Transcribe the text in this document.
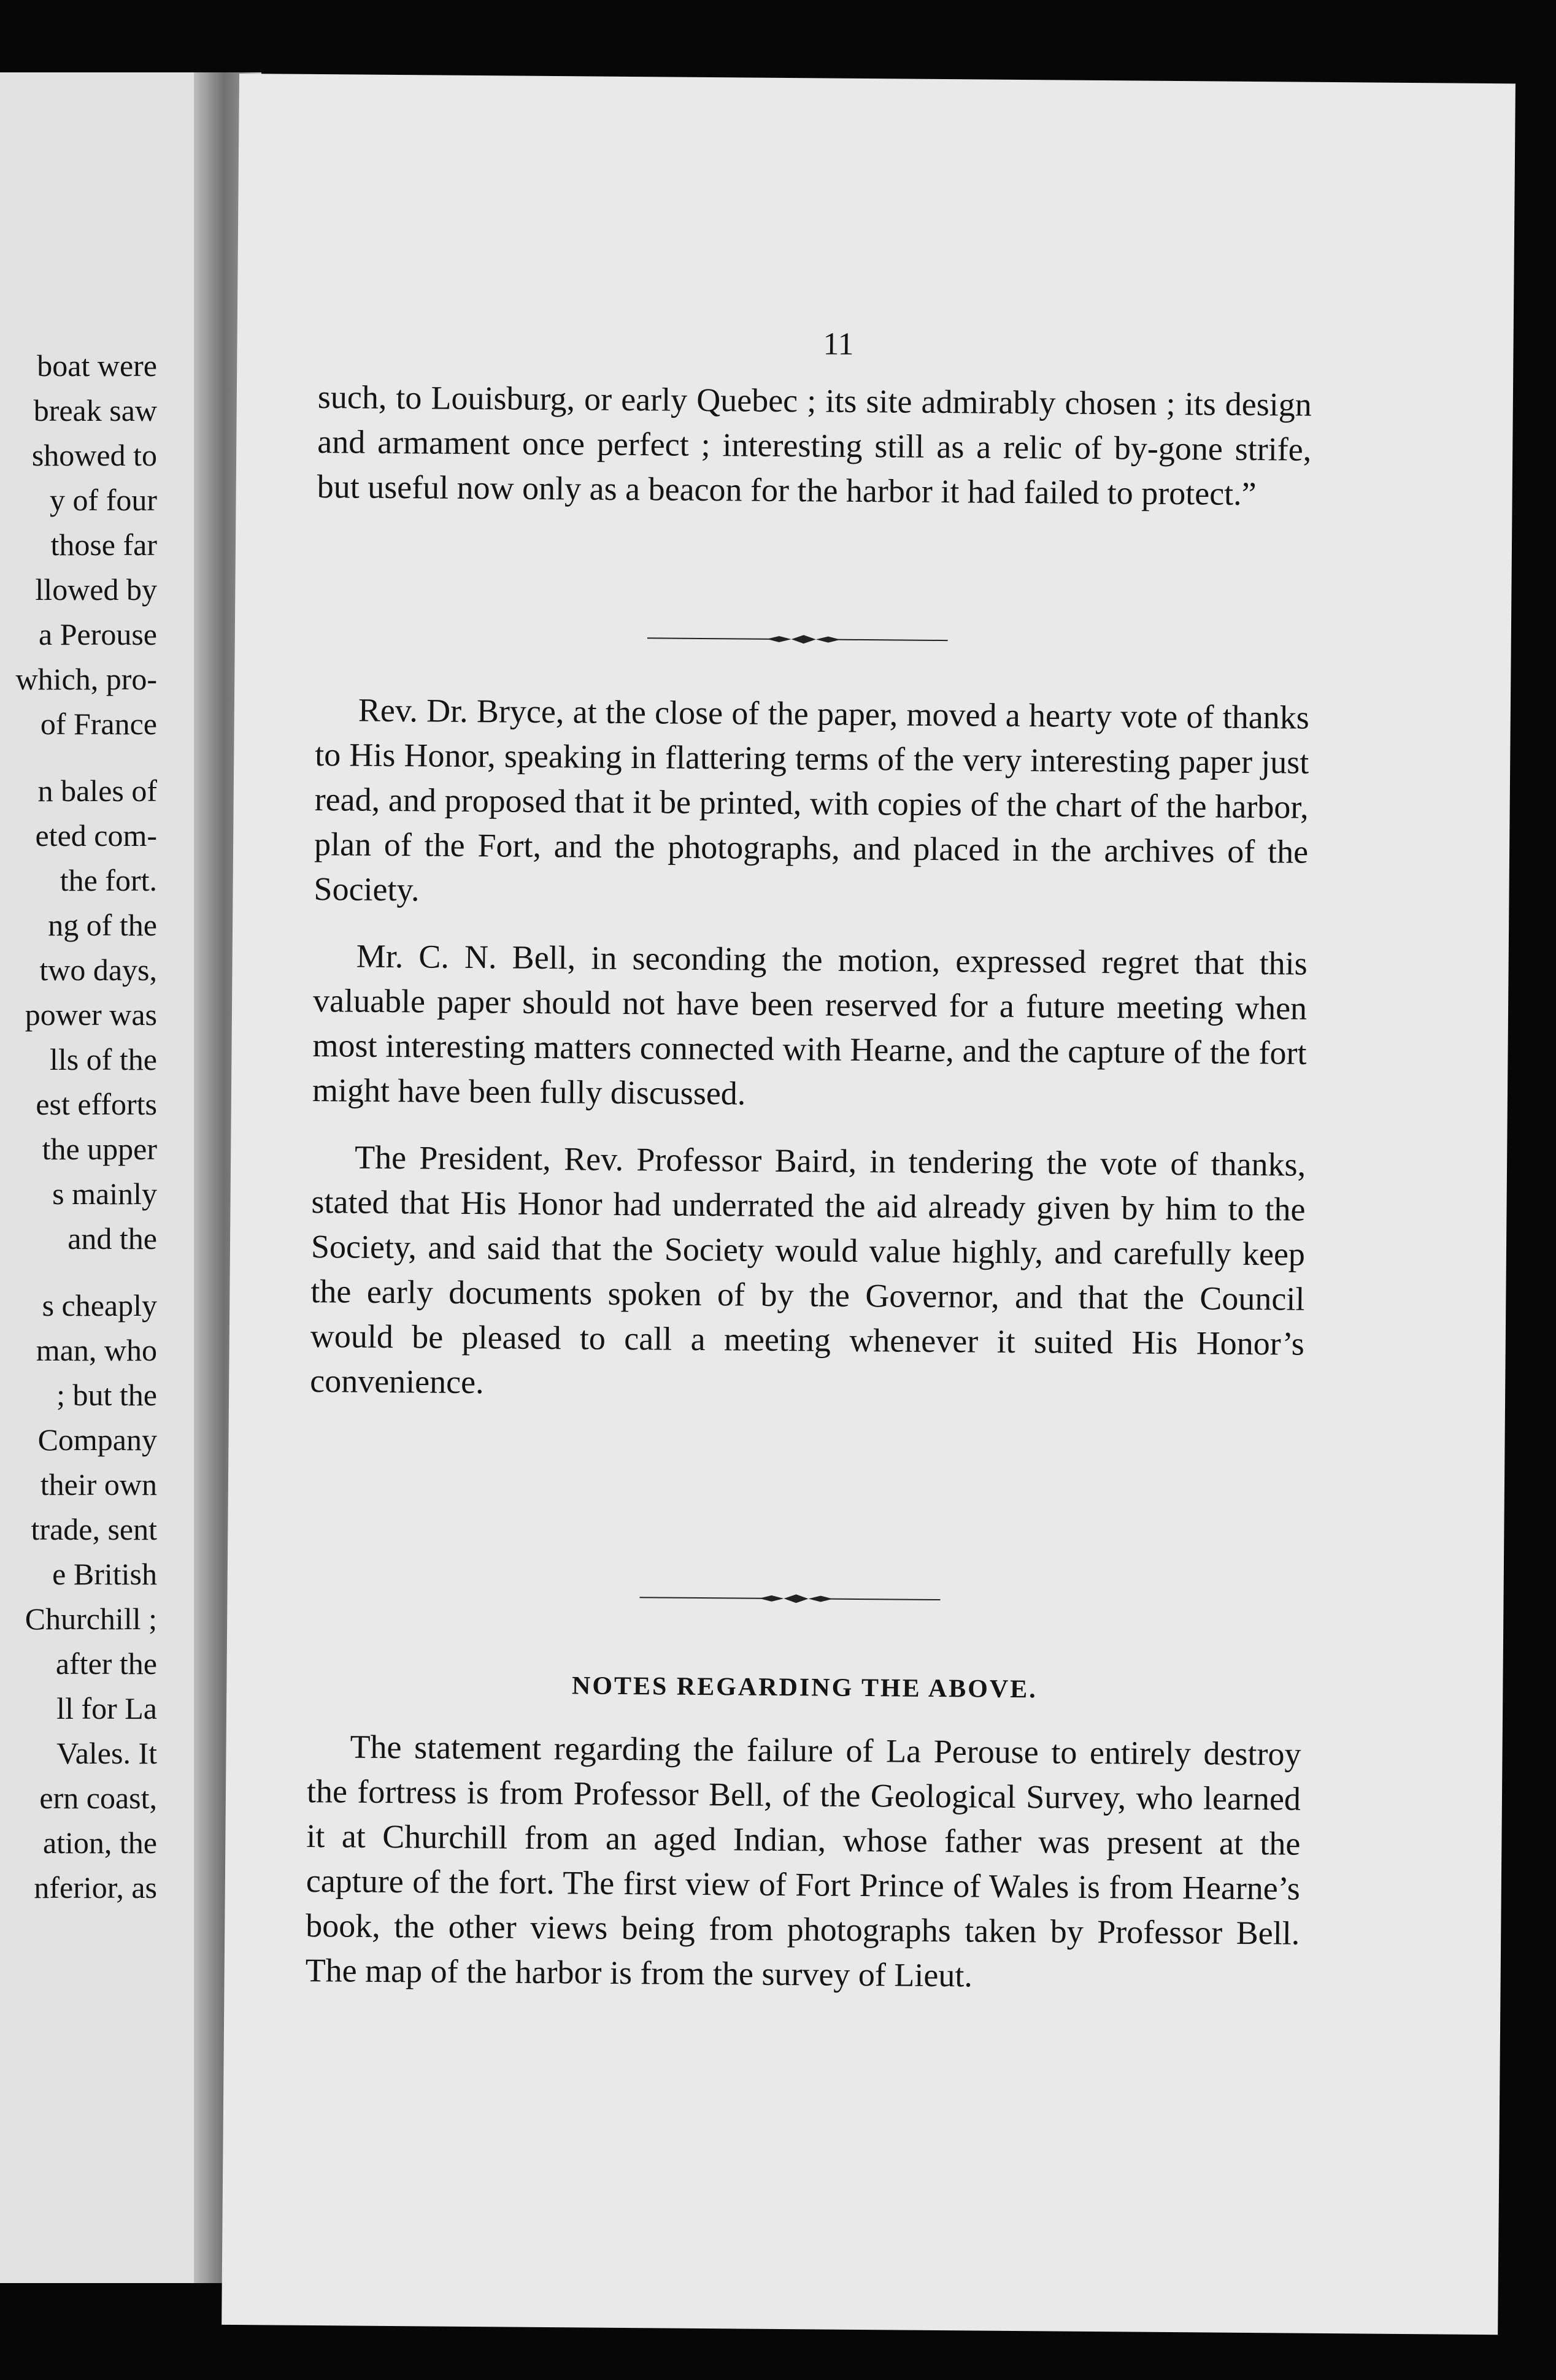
boat were
break saw
showed to
y of four
those far
llowed by
a Perouse
which, pro-
of France
n bales of
eted com-
the fort.
ng of the
two days,
power was
lls of the
est efforts
the upper
s mainly
and the
s cheaply
man, who
; but the
Company
their own
trade, sent
e British
Churchill ;
after the
ll for La
Vales. It
ern coast,
ation, the
nferior, as
11

such, to Louisburg, or early Quebec ; its site admirably chosen ; its design and armament once perfect ; interesting still as a relic of by-gone strife, but useful now only as a beacon for the harbor it had failed to protect.”

Rev. Dr. Bryce, at the close of the paper, moved a hearty vote of thanks to His Honor, speaking in flattering terms of the very interesting paper just read, and proposed that it be printed, with copies of the chart of the harbor, plan of the Fort, and the photographs, and placed in the archives of the Society.

Mr. C. N. Bell, in seconding the motion, expressed regret that this valuable paper should not have been reserved for a future meeting when most interesting matters connected with Hearne, and the capture of the fort might have been fully discussed.

The President, Rev. Professor Baird, in tendering the vote of thanks, stated that His Honor had underrated the aid already given by him to the Society, and said that the Society would value highly, and carefully keep the early documents spoken of by the Governor, and that the Council would be pleased to call a meeting whenever it suited His Honor’s convenience.

NOTES REGARDING THE ABOVE.

The statement regarding the failure of La Perouse to entirely destroy the fortress is from Professor Bell, of the Geological Survey, who learned it at Churchill from an aged Indian, whose father was present at the capture of the fort. The first view of Fort Prince of Wales is from Hearne’s book, the other views being from photographs taken by Professor Bell. The map of the harbor is from the survey of Lieut.
